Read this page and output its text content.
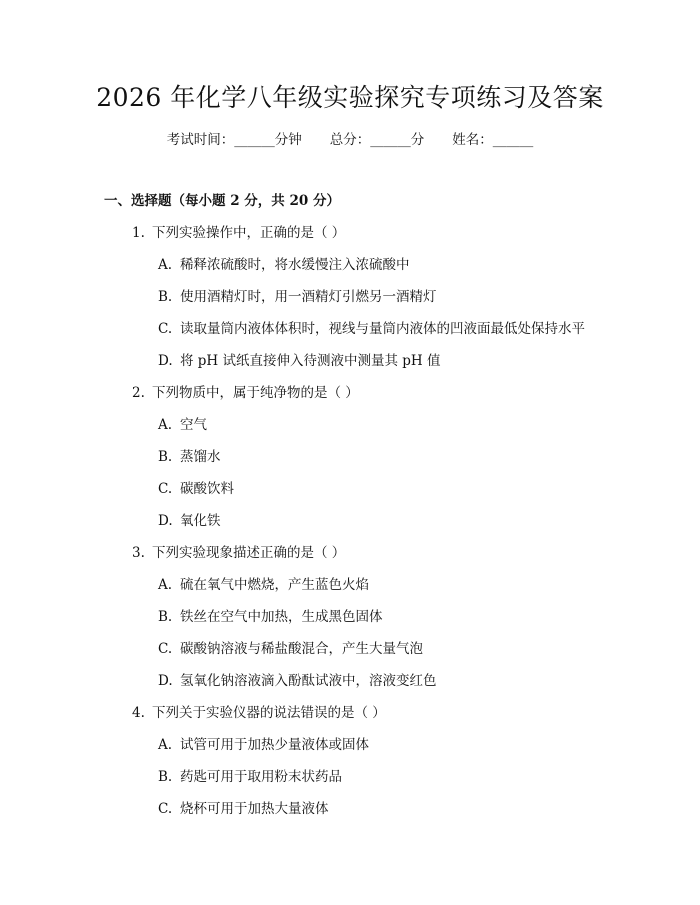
2026 年化学八年级实验探究专项练习及答案
考试时间：______分钟 总分：______分 姓名：______
一、选择题（每小题 2 分，共 20 分）
1. 下列实验操作中，正确的是（ ）
A. 稀释浓硫酸时，将水缓慢注入浓硫酸中
B. 使用酒精灯时，用一酒精灯引燃另一酒精灯
C. 读取量筒内液体体积时，视线与量筒内液体的凹液面最低处保持水平
D. 将 pH 试纸直接伸入待测液中测量其 pH 值
2. 下列物质中，属于纯净物的是（ ）
A. 空气
B. 蒸馏水
C. 碳酸饮料
D. 氧化铁
3. 下列实验现象描述正确的是（ ）
A. 硫在氧气中燃烧，产生蓝色火焰
B. 铁丝在空气中加热，生成黑色固体
C. 碳酸钠溶液与稀盐酸混合，产生大量气泡
D. 氢氧化钠溶液滴入酚酞试液中，溶液变红色
4. 下列关于实验仪器的说法错误的是（ ）
A. 试管可用于加热少量液体或固体
B. 药匙可用于取用粉末状药品
C. 烧杯可用于加热大量液体
